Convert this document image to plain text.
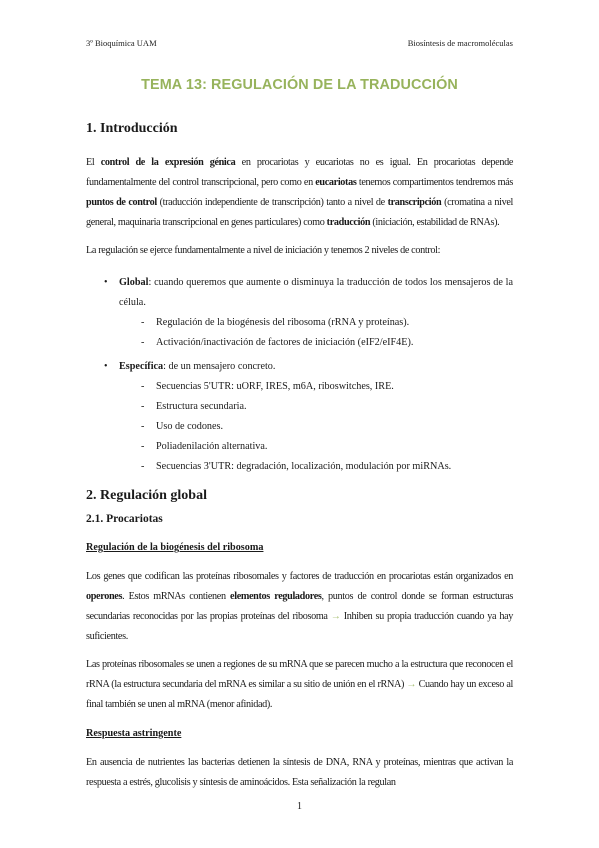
3º Bioquímica UAM	Biosíntesis de macromoléculas
TEMA 13: REGULACIÓN DE LA TRADUCCIÓN
1. Introducción

El control de la expresión génica en procariotas y eucariotas no es igual. En procariotas depende fundamentalmente del control transcripcional, pero como en eucariotas tenemos compartimentos tendremos más puntos de control (traducción independiente de transcripción) tanto a nivel de transcripción (cromatina a nivel general, maquinaria transcripcional en genes particulares) como traducción (iniciación, estabilidad de RNAs).

La regulación se ejerce fundamentalmente a nivel de iniciación y tenemos 2 niveles de control:

• Global: cuando queremos que aumente o disminuya la traducción de todos los mensajeros de la célula.

- Regulación de la biogénesis del ribosoma (rRNA y proteínas).

- Activación/inactivación de factores de iniciación (eIF2/eIF4E).

• Específica: de un mensajero concreto.

- Secuencias 5'UTR: uORF, IRES, m6A, riboswitches, IRE.

- Estructura secundaria.

- Uso de codones.

- Poliadenilación alternativa.

- Secuencias 3'UTR: degradación, localización, modulación por miRNAs.

2. Regulación global
2.1. Procariotas
Regulación de la biogénesis del ribosoma

Los genes que codifican las proteínas ribosomales y factores de traducción en procariotas están organizados en operones. Estos mRNAs contienen elementos reguladores, puntos de control donde se forman estructuras secundarias reconocidas por las propias proteínas del ribosoma → Inhiben su propia traducción cuando ya hay suficientes.

Las proteínas ribosomales se unen a regiones de su mRNA que se parecen mucho a la estructura que reconocen el rRNA (la estructura secundaria del mRNA es similar a su sitio de unión en el rRNA) → Cuando hay un exceso al final también se unen al mRNA (menor afinidad).

Respuesta astringente

En ausencia de nutrientes las bacterias detienen la síntesis de DNA, RNA y proteínas, mientras que activan la respuesta a estrés, glucolisis y síntesis de aminoácidos. Esta señalización la regulan

1
